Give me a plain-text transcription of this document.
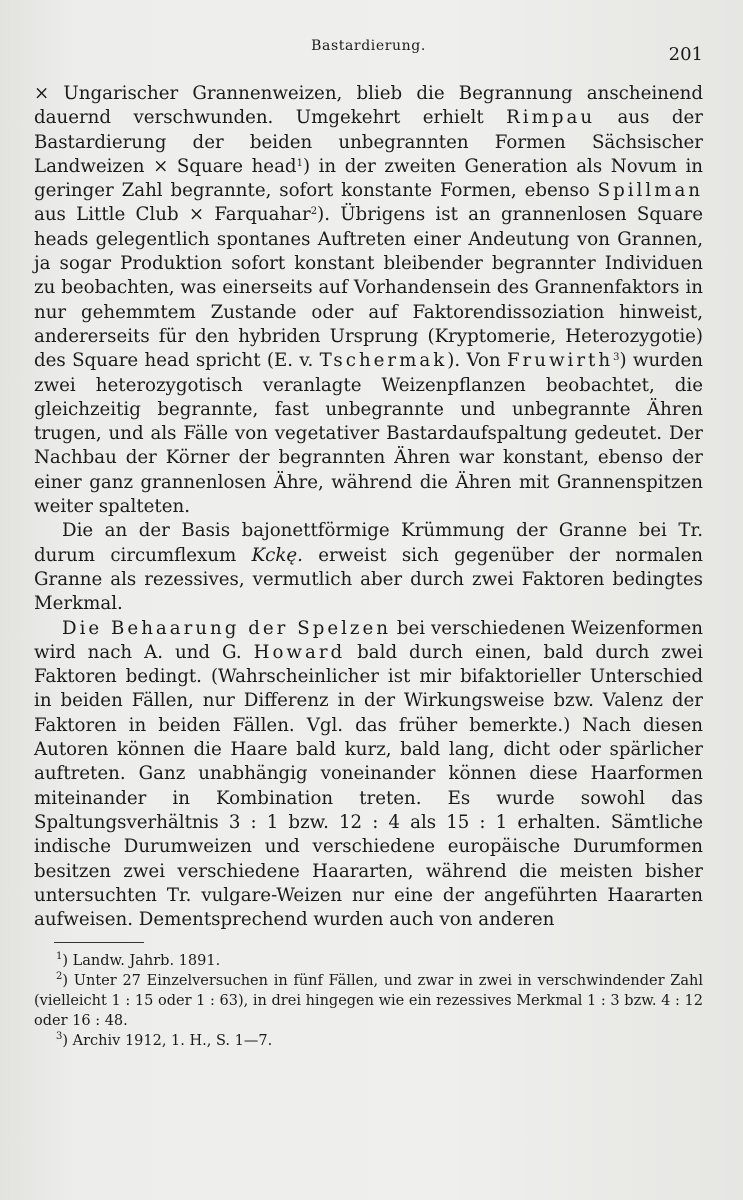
Bastardierung.	201

× Ungarischer Grannenweizen, blieb die Begrannung anscheinend dauernd verschwunden. Umgekehrt erhielt Rimpau aus der Bastardierung der beiden unbegrannten Formen Sächsischer Landweizen × Square head$^1$) in der zweiten Generation als Novum in geringer Zahl begrannte, sofort konstante Formen, ebenso Spillman aus Little Club × Farquahar$^2$). Übrigens ist an grannenlosen Square heads gelegentlich spontanes Auftreten einer Andeutung von Grannen, ja sogar Produktion sofort konstant bleibender begrannter Individuen zu beobachten, was einerseits auf Vorhandensein des Grannenfaktors in nur gehemmtem Zustande oder auf Faktorendissoziation hinweist, andererseits für den hybriden Ursprung (Kryptomerie, Heterozygotie) des Square head spricht (E. v. Tschermak). Von Fruwirth$^3$) wurden zwei heterozygotisch veranlagte Weizenpflanzen beobachtet, die gleichzeitig begrannte, fast unbegrannte und unbegrannte Ähren trugen, und als Fälle von vegetativer Bastardaufspaltung gedeutet. Der Nachbau der Körner der begrannten Ähren war konstant, ebenso der einer ganz grannenlosen Ähre, während die Ähren mit Grannenspitzen weiter spalteten.

Die an der Basis bajonettförmige Krümmung der Granne bei Tr. durum circumflexum Kckę. erweist sich gegenüber der normalen Granne als rezessives, vermutlich aber durch zwei Faktoren bedingtes Merkmal.

Die Behaarung der Spelzen bei verschiedenen Weizenformen wird nach A. und G. Howard bald durch einen, bald durch zwei Faktoren bedingt. (Wahrscheinlicher ist mir bifaktorieller Unterschied in beiden Fällen, nur Differenz in der Wirkungsweise bzw. Valenz der Faktoren in beiden Fällen. Vgl. das früher bemerkte.) Nach diesen Autoren können die Haare bald kurz, bald lang, dicht oder spärlicher auftreten. Ganz unabhängig voneinander können diese Haarformen miteinander in Kombination treten. Es wurde sowohl das Spaltungsverhältnis 3 : 1 bzw. 12 : 4 als 15 : 1 erhalten. Sämtliche indische Durumweizen und verschiedene europäische Durumformen besitzen zwei verschiedene Haararten, während die meisten bisher untersuchten Tr. vulgare-Weizen nur eine der angeführten Haararten aufweisen. Dementsprechend wurden auch von anderen

$^1$) Landw. Jahrb. 1891.

$^2$) Unter 27 Einzelversuchen in fünf Fällen, und zwar in zwei in verschwindender Zahl (vielleicht 1 : 15 oder 1 : 63), in drei hingegen wie ein rezessives Merkmal 1 : 3 bzw. 4 : 12 oder 16 : 48.

$^3$) Archiv 1912, 1. H., S. 1—7.
